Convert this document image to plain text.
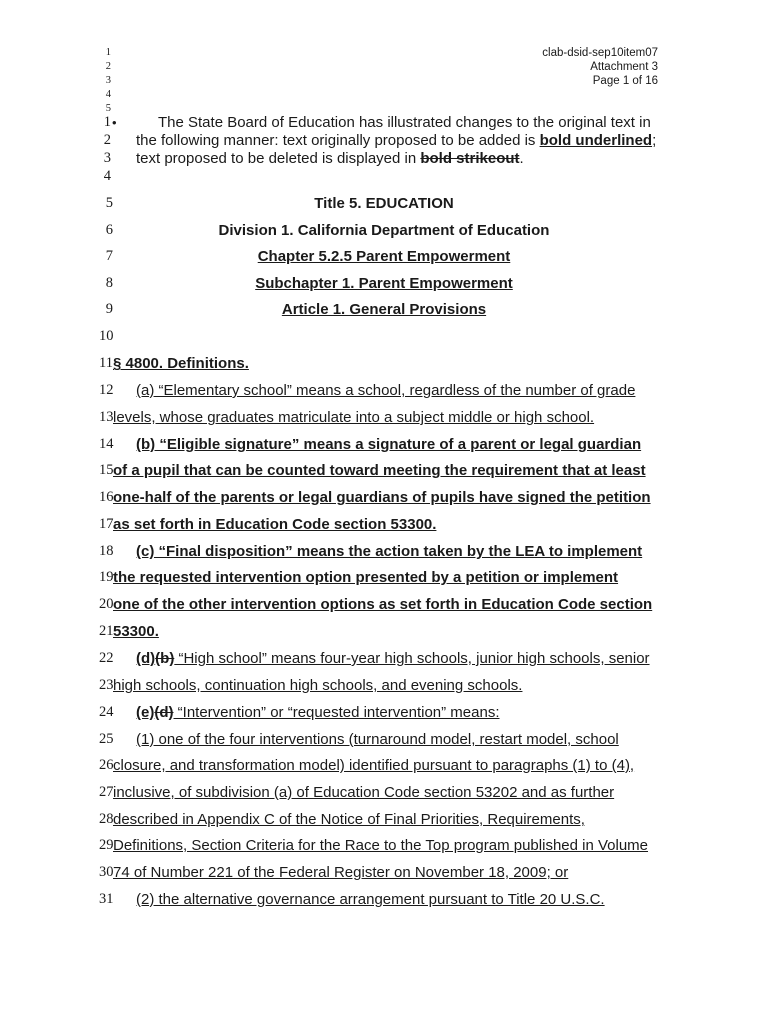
clab-dsid-sep10item07
Attachment 3
Page 1 of 16
1
2
3
4
5
1
2
3
4
•	The State Board of Education has illustrated changes to the original text in
the following manner: text originally proposed to be added is bold underlined;
text proposed to be deleted is displayed in bold strikeout.
5	Title 5. EDUCATION
6	Division 1. California Department of Education
7	Chapter 5.2.5 Parent Empowerment
8	Subchapter 1. Parent Empowerment
9	Article 1. General Provisions
10
11 § 4800. Definitions.
12 (a) “Elementary school” means a school, regardless of the number of grade
13 levels, whose graduates matriculate into a subject middle or high school.
14 (b) “Eligible signature” means a signature of a parent or legal guardian
15 of a pupil that can be counted toward meeting the requirement that at least
16 one-half of the parents or legal guardians of pupils have signed the petition
17 as set forth in Education Code section 53300.
18 (c) “Final disposition” means the action taken by the LEA to implement
19 the requested intervention option presented by a petition or implement
20 one of the other intervention options as set forth in Education Code section
21 53300.
22 (d)(b) “High school” means four-year high schools, junior high schools, senior
23 high schools, continuation high schools, and evening schools.
24 (e)(d) “Intervention” or “requested intervention” means:
25 (1) one of the four interventions (turnaround model, restart model, school
26 closure, and transformation model) identified pursuant to paragraphs (1) to (4),
27 inclusive, of subdivision (a) of Education Code section 53202 and as further
28 described in Appendix C of the Notice of Final Priorities, Requirements,
29 Definitions, Section Criteria for the Race to the Top program published in Volume
30 74 of Number 221 of the Federal Register on November 18, 2009; or
31 (2) the alternative governance arrangement pursuant to Title 20 U.S.C.
